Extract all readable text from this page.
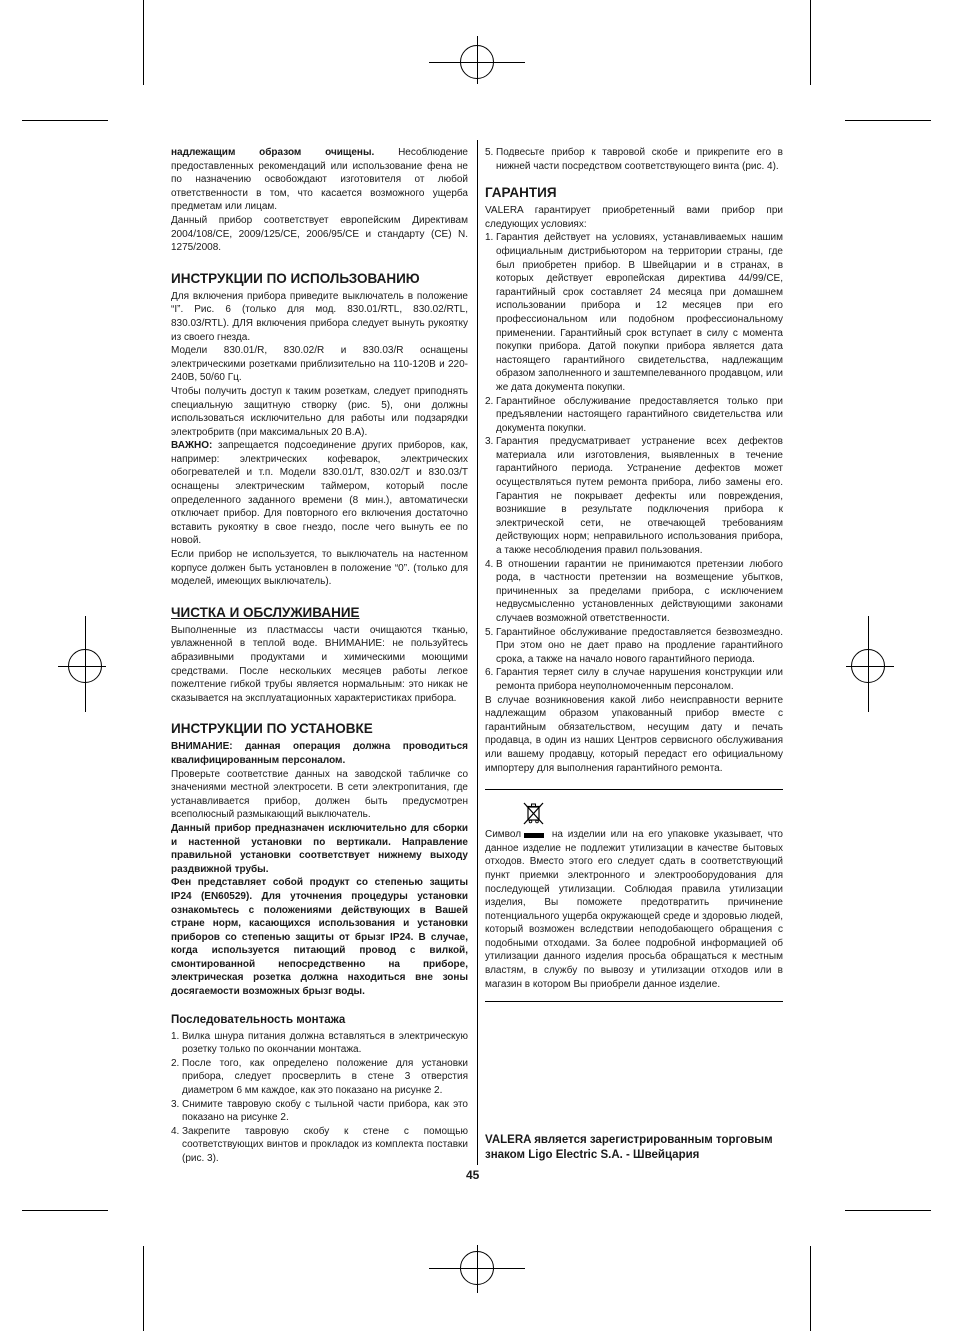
надлежащим образом очищены. Несоблюдение предоставленных рекомендаций или использование фена не по назначению освобождают изготовителя от любой ответственности в том, что касается возможного ущерба предметам или лицам.

Данный прибор соответствует европейским Директивам 2004/108/CE, 2009/125/CE, 2006/95/CE и стандарту (CE) N. 1275/2008.

ИНСТРУКЦИИ ПО ИСПОЛЬЗОВАНИЮ

Для включения прибора приведите выключатель в положение “I”. Рис. 6 (только для мод. 830.01/RTL, 830.02/RTL, 830.03/RTL). ДЛЯ включения прибора следует вынуть рукоятку из своего гнезда.

Модели 830.01/R, 830.02/R и 830.03/R оснащены электрическими розетками приблизительно на 110-120В и 220-240В, 50/60 Гц.

Чтобы получить доступ к таким розеткам, следует приподнять специальную защитную створку (рис. 5), они должны использоваться исключительно для работы или подзарядки электробритв (при максимальных 20 В.А).

ВАЖНО: запрещается подсоединение других приборов, как, например: электрических кофеварок, электрических обогревателей и т.п. Модели 830.01/T, 830.02/T и 830.03/T оснащены электрическим таймером, который после определенного заданного времени (8 мин.), автоматически отключает прибор. Для повторного его включения достаточно вставить рукоятку в свое гнездо, после чего вынуть ее по новой.

Если прибор не используется, то выключатель на настенном корпусе должен быть установлен в положение “0”. (только для моделей, имеющих выключатель).

ЧИСТКА И ОБСЛУЖИВАНИЕ

Выполненные из пластмассы части очищаются тканью, увлажненной в теплой воде. ВНИМАНИЕ: не пользуйтесь абразивными продуктами и химическими моющими средствами. После нескольких месяцев работы легкое пожелтение гибкой трубы является нормальным: это никак не сказывается на эксплуатационных характеристиках прибора.

ИНСТРУКЦИИ ПО УСТАНОВКЕ

ВНИМАНИЕ: данная операция должна проводиться квалифицированным персоналом.

Проверьте соответствие данных на заводской табличке со значениями местной электросети. В сети электропитания, где устанавливается прибор, должен быть предусмотрен всеполюсный размыкающий выключатель.

Данный прибор предназначен исключительно для сборки и настенной установки по вертикали. Направление правильной установки соответствует нижнему выходу раздвижной трубы.

Фен представляет собой продукт со степенью защиты IP24 (EN60529). Для уточнения процедуры установки ознакомьтесь с положениями действующих в Вашей стране норм, касающихся использования и установки приборов со степенью защиты от брызг IP24. В случае, когда используется питающий провод с вилкой, смонтированной непосредственно на приборе, электрическая розетка должна находиться вне зоны досягаемости возможных брызг воды.

Последовательность монтажа
1. Вилка шнура питания должна вставляться в электрическую розетку только по окончании монтажа.
2. После того, как определено положение для установки прибора, следует просверлить в стене 3 отверстия диаметром 6 мм каждое, как это показано на рисунке 2.
3. Снимите тавровую скобу с тыльной части прибора, как это показано на рисунке 2.
4. Закрепите тавровую скобу к стене с помощью соответствующих винтов и прокладок из комплекта поставки (рис. 3).
5. Подвесьте прибор к тавровой скобе и прикрепите его в нижней части посредством соответствующего винта (рис. 4).
ГАРАНТИЯ

VALERA гарантирует приобретенный вами прибор при следующих условиях:

1. Гарантия действует на условиях, устанавливаемых нашим официальным дистрибьютором на территории страны, где был приобретен прибор. В Швейцарии и в странах, в которых действует европейская директива 44/99/CE, гарантийный срок составляет 24 месяца при домашнем использовании прибора и 12 месяцев при его профессиональном или подобном профессиональному применении. Гарантийный срок вступает в силу с момента покупки прибора. Датой покупки прибора является дата настоящего гарантийного свидетельства, надлежащим образом заполненного и заштемпелеванного продавцом, или же дата документа покупки.
2. Гарантийное обслуживание предоставляется только при предъявлении настоящего гарантийного свидетельства или документа покупки.
3. Гарантия предусматривает устранение всех дефектов материала или изготовления, выявленных в течение гарантийного периода. Устранение дефектов может осуществляться путем ремонта прибора, либо замены его. Гарантия не покрывает дефекты или повреждения, возникшие в результате подключения прибора к электрической сети, не отвечающей требованиям действующих норм; неправильного использования прибора, а также несоблюдения правил пользования.
4. В отношении гарантии не принимаются претензии любого рода, в частности претензии на возмещение убытков, причиненных за пределами прибора, с исключением недвусмысленно установленных действующими законами случаев возможной ответственности.
5. Гарантийное обслуживание предоставляется безвозмездно. При этом оно не дает право на продление гарантийного срока, а также на начало нового гарантийного периода.
6. Гарантия теряет силу в случае нарушения конструкции или ремонта прибора неуполномоченным персоналом.

В случае возникновения какой либо неисправности верните надлежащим образом упакованный прибор вместе с гарантийным обязательством, несущим дату и печать продавца, в один из наших Центров сервисного обслуживания или вашему продавцу, который передаст его официальному импортеру для выполнения гарантийного ремонта.

Символ	на изделии или на его упаковке указывает, что данное изделие не подлежит утилизации в качестве бытовых отходов. Вместо этого его следует сдать в соответствующий пункт приемки электронного и электрооборудования для последующей утилизации. Соблюдая правила утилизации изделия, Вы поможете предотвратить причинение потенциального ущерба окружающей среде и здоровью людей, который возможен вследствии неподобающего обращения с подобными отходами. За более подробной информацией об утилизации данного изделия просьба обращаться к местным властям, в службу по вывозу и утилизации отходов или в магазин в котором Вы приобрели данное изделие.

VALERA является зарегистрированным торговым
знаком Ligo Electric S.A. - Швейцария
45
